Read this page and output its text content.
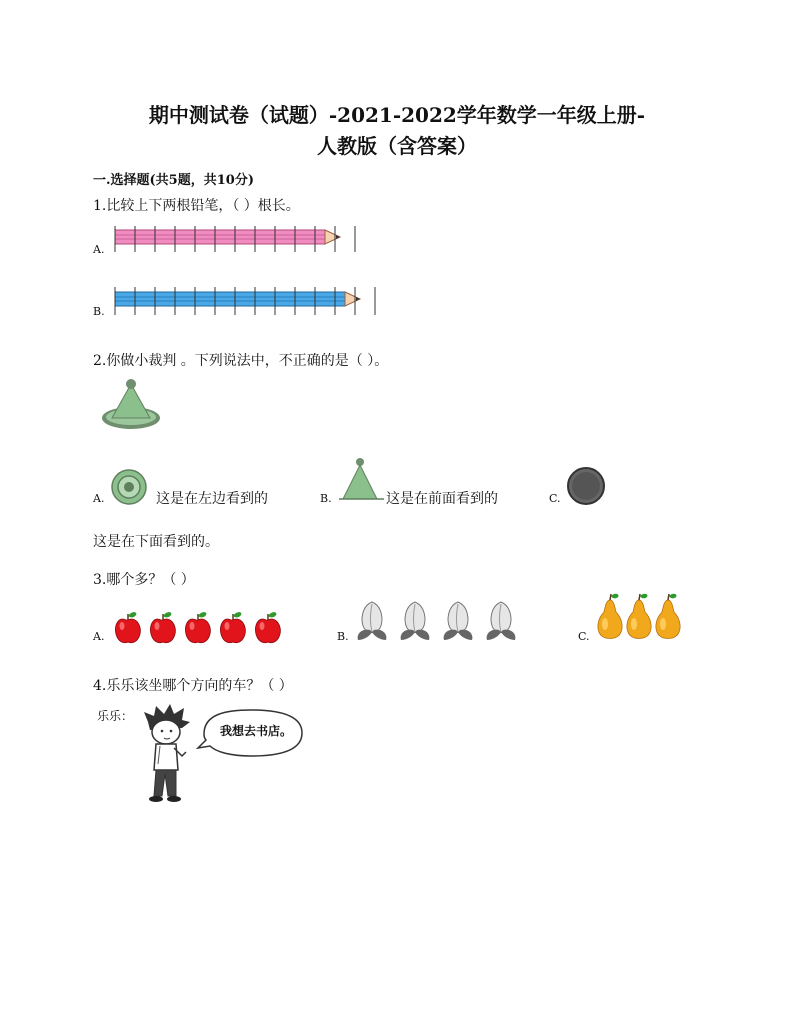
期中测试卷（试题）-2021-2022学年数学一年级上册-
人教版（含答案）
一.选择题(共5题，共10分)
1.比较上下两根铅笔，（ ）根长。
A.
B.
2.你做小裁判 。下列说法中，不正确的是（ ）。
A.	这是在左边看到的	B.	这是在前面看到的	C.
这是在下面看到的。
3.哪个多？（ ）
A.	B.	C.
4.乐乐该坐哪个方向的车？（ ）
乐乐：
我想去书店。
